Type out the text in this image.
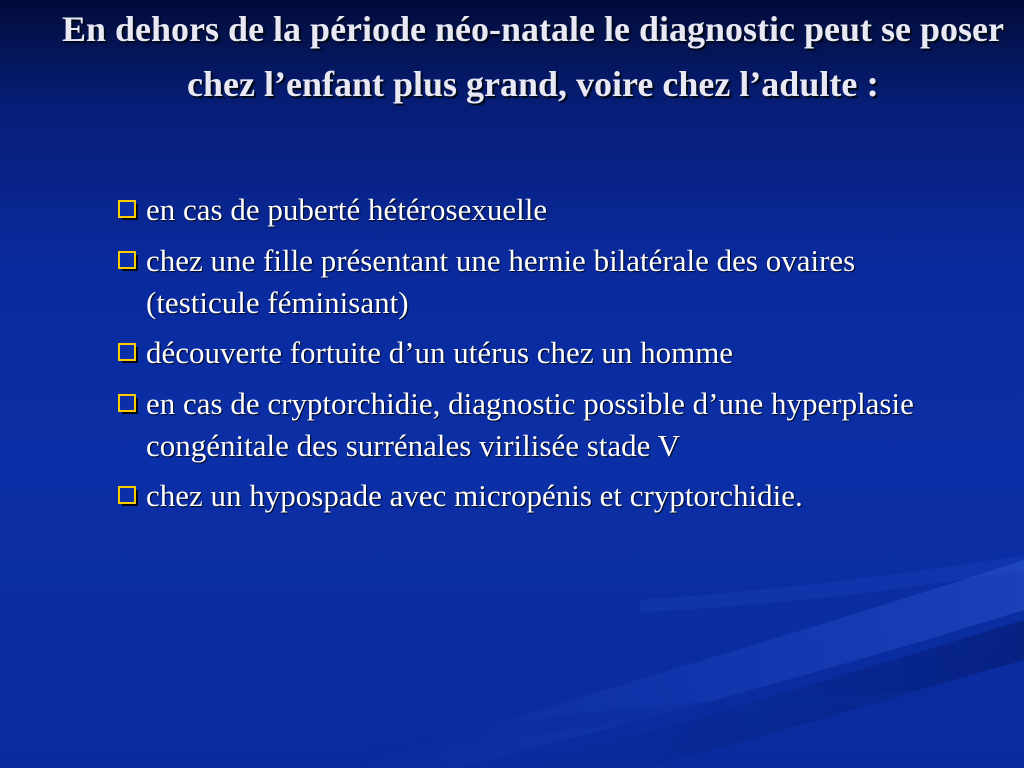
En dehors de la période néo-natale le diagnostic peut se poser chez l’enfant plus grand, voire chez l’adulte :
en cas de puberté hétérosexuelle
chez une fille présentant une hernie bilatérale des ovaires (testicule féminisant)
découverte fortuite d’un utérus chez un homme
en cas de cryptorchidie, diagnostic possible d’une hyperplasie congénitale des surrénales virilisée stade V
chez un hypospade avec micropénis et cryptorchidie.
